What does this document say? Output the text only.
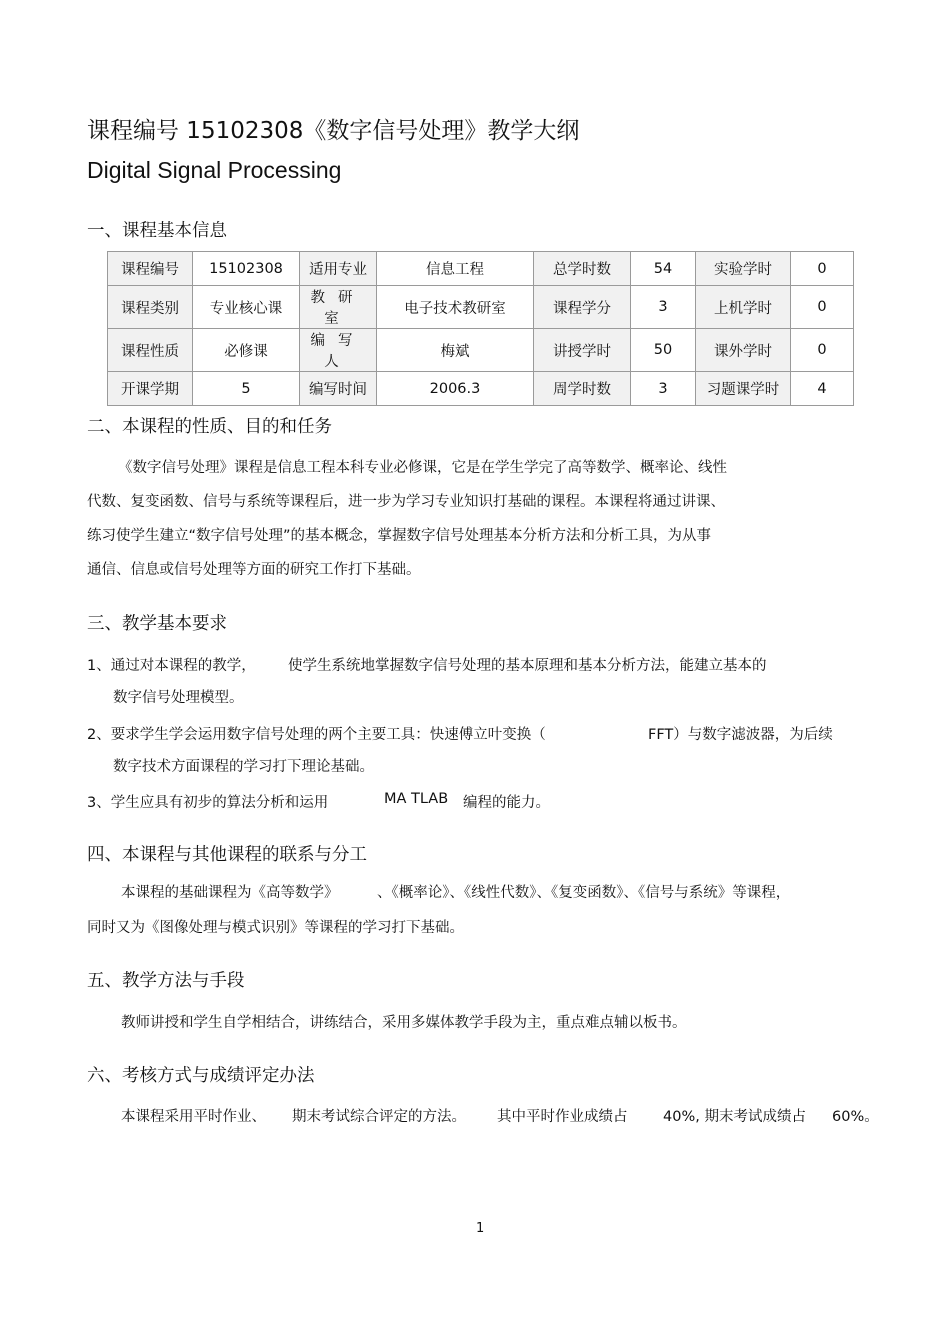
课程编号 15102308《数字信号处理》教学大纲
Digital Signal Processing
一、课程基本信息
课程编号	15102308	适用专业	信息工程	总学时数	54	实验学时	0
课程类别	专业核心课	教研室	电子技术教研室	课程学分	3	上机学时	0
课程性质	必修课	编写人	梅斌	讲授学时	50	课外学时	0
开课学期	5	编写时间	2006.3	周学时数	3	习题课学时	4
二、本课程的性质、目的和任务
《数字信号处理》课程是信息工程本科专业必修课，它是在学生学完了高等数学、概率论、线性
代数、复变函数、信号与系统等课程后，进一步为学习专业知识打基础的课程。本课程将通过讲课、
练习使学生建立“数字信号处理”的基本概念，掌握数字信号处理基本分析方法和分析工具，为从事
通信、信息或信号处理等方面的研究工作打下基础。
三、教学基本要求
1、通过对本课程的教学， 使学生系统地掌握数字信号处理的基本原理和基本分析方法，能建立基本的
数字信号处理模型。
2、要求学生学会运用数字信号处理的两个主要工具：快速傅立叶变换（	FFT）与数字滤波器，为后续
数字技术方面课程的学习打下理论基础。
3、学生应具有初步的算法分析和运用	MA TLAB 编程的能力。
四、本课程与其他课程的联系与分工
本课程的基础课程为《高等数学》	、《概率论》、《线性代数》、《复变函数》、《信号与系统》等课程，
同时又为《图像处理与模式识别》等课程的学习打下基础。
五、教学方法与手段
教师讲授和学生自学相结合，讲练结合，采用多媒体教学手段为主，重点难点辅以板书。
六、考核方式与成绩评定办法
本课程采用平时作业、 期末考试综合评定的方法。 其中平时作业成绩占 40%, 期末考试成绩占 60%。
1
